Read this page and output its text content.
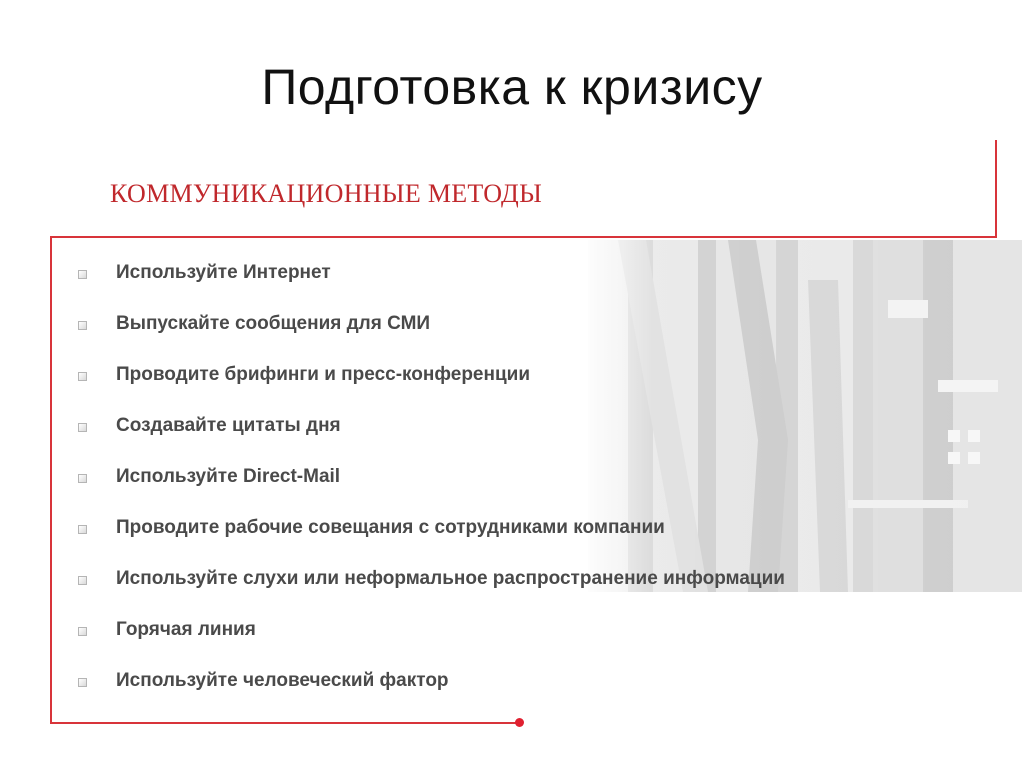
Подготовка к кризису
КОММУНИКАЦИОННЫЕ МЕТОДЫ
Используйте Интернет
Выпускайте сообщения для СМИ
Проводите брифинги и пресс-конференции
Создавайте цитаты дня
Используйте Direct-Mail
Проводите рабочие совещания с сотрудниками компании
Используйте слухи или неформальное распространение информации
Горячая линия
Используйте человеческий фактор
